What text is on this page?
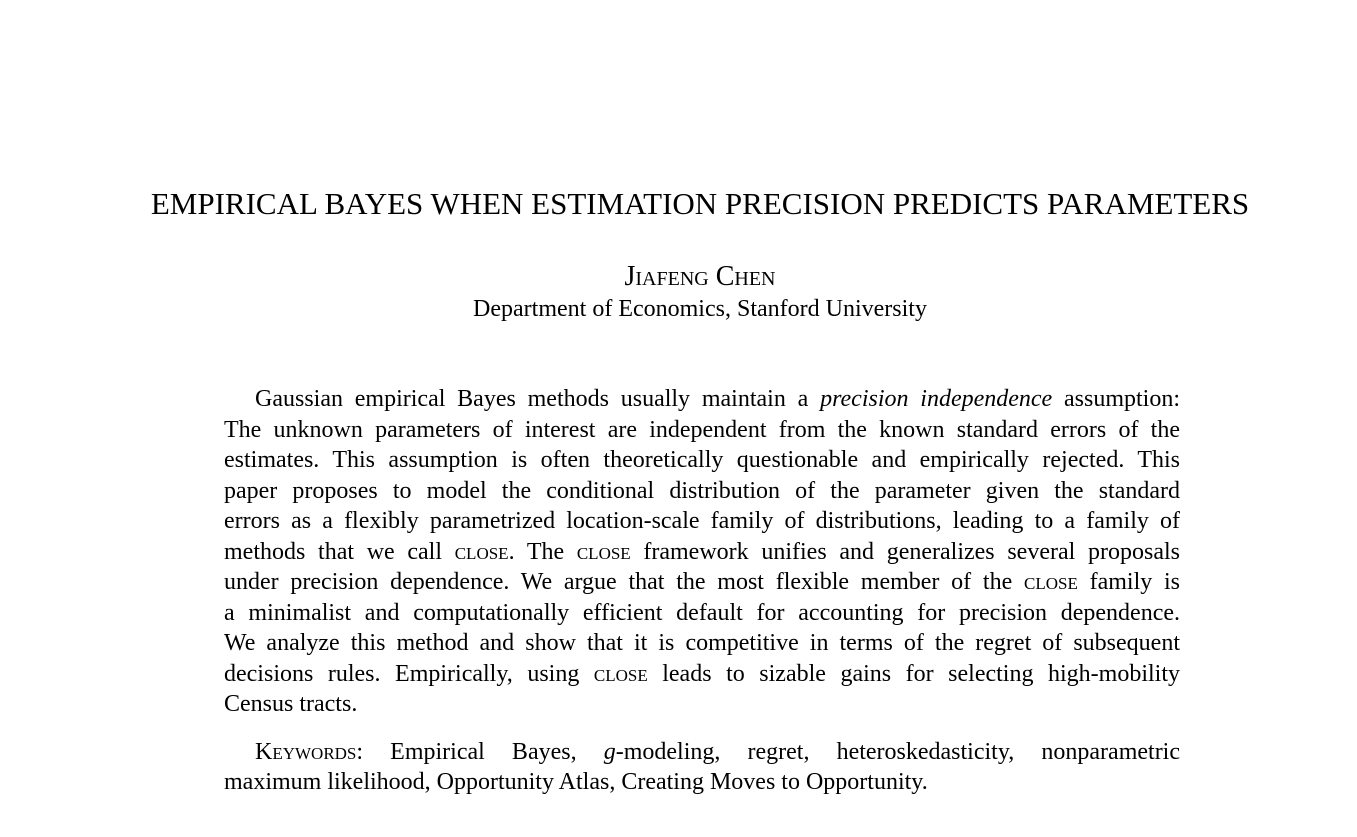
EMPIRICAL BAYES WHEN ESTIMATION PRECISION PREDICTS PARAMETERS
Jiafeng Chen
Department of Economics, Stanford University
Gaussian empirical Bayes methods usually maintain a precision independence assumption:
The unknown parameters of interest are independent from the known standard errors of the
estimates. This assumption is often theoretically questionable and empirically rejected. This
paper proposes to model the conditional distribution of the parameter given the standard
errors as a flexibly parametrized location-scale family of distributions, leading to a family of
methods that we call close. The close framework unifies and generalizes several proposals
under precision dependence. We argue that the most flexible member of the close family is
a minimalist and computationally efficient default for accounting for precision dependence.
We analyze this method and show that it is competitive in terms of the regret of subsequent
decisions rules. Empirically, using close leads to sizable gains for selecting high-mobility
Census tracts.
Keywords: Empirical Bayes, g-modeling, regret, heteroskedasticity, nonparametric
maximum likelihood, Opportunity Atlas, Creating Moves to Opportunity.
